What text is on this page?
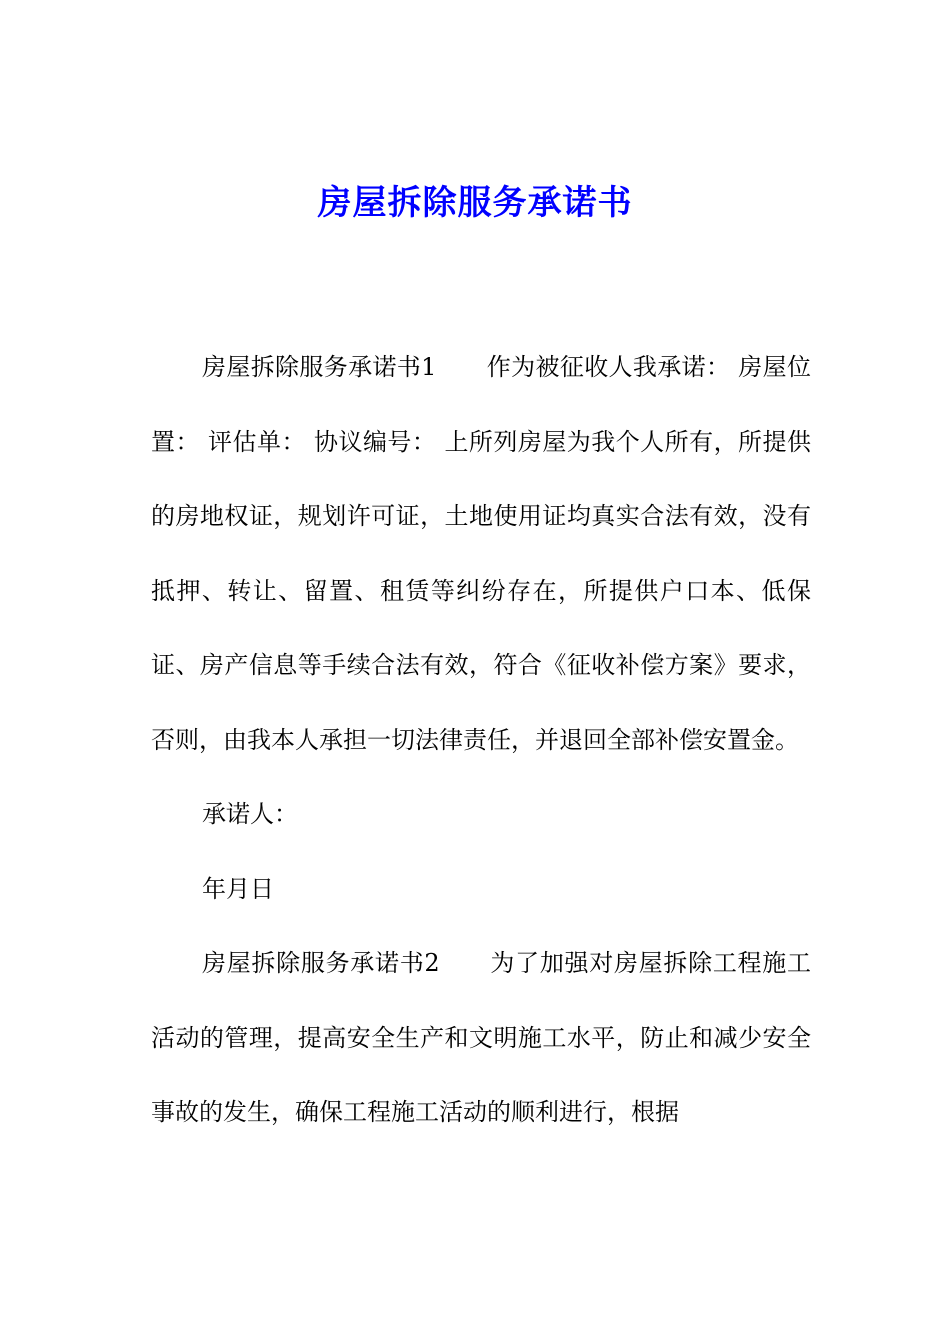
房屋拆除服务承诺书

房屋拆除服务承诺书1 作为被征收人我承诺： 房屋位置： 评估单： 协议编号： 上所列房屋为我个人所有，所提供的房地权证，规划许可证，土地使用证均真实合法有效，没有抵押、转让、留置、租赁等纠纷存在，所提供户口本、低保证、房产信息等手续合法有效，符合《征收补偿方案》要求，否则，由我本人承担一切法律责任，并退回全部补偿安置金。

承诺人：

年月日

房屋拆除服务承诺书2 为了加强对房屋拆除工程施工活动的管理，提高安全生产和文明施工水平，防止和减少安全事故的发生，确保工程施工活动的顺利进行，根据
